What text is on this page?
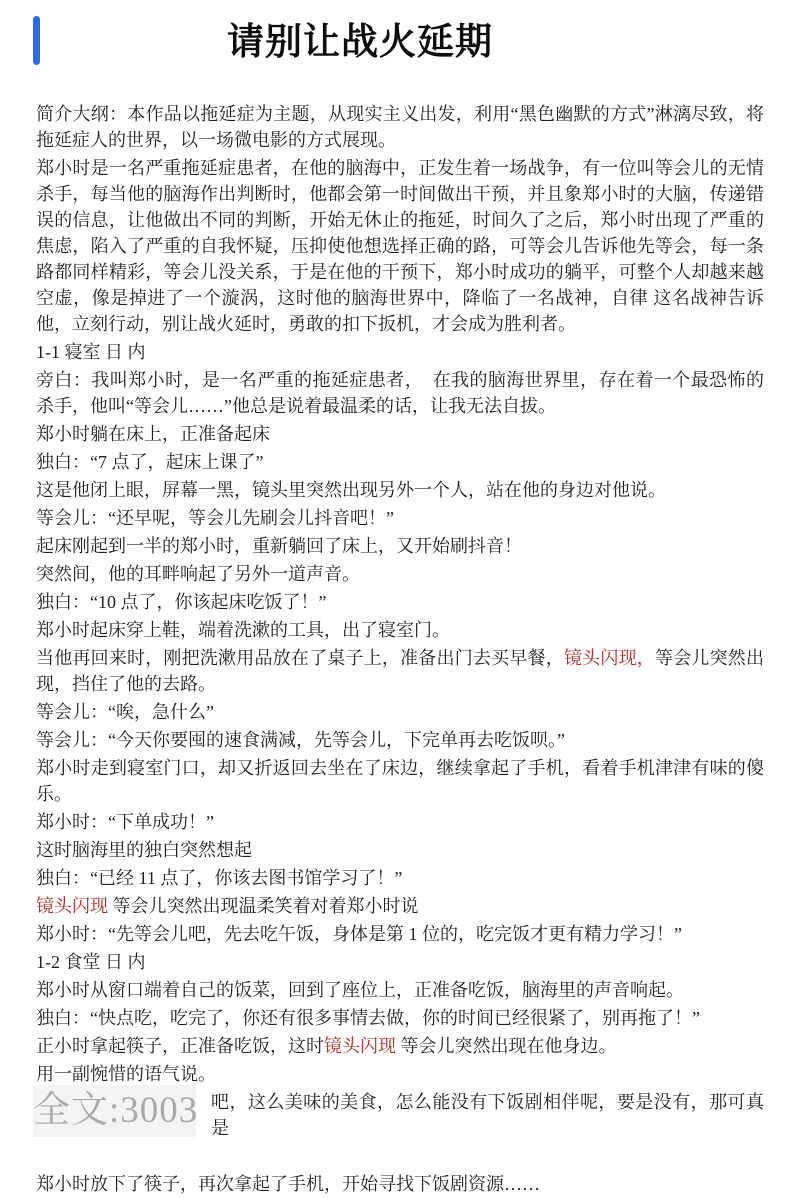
请别让战火延期

简介大纲：本作品以拖延症为主题，从现实主义出发，利用“黑色幽默的方式”淋漓尽致，将拖延症人的世界，以一场微电影的方式展现。

郑小时是一名严重拖延症患者，在他的脑海中，正发生着一场战争，有一位叫等会儿的无情杀手，每当他的脑海作出判断时，他都会第一时间做出干预，并且象郑小时的大脑，传递错误的信息，让他做出不同的判断，开始无休止的拖延，时间久了之后，郑小时出现了严重的焦虑，陷入了严重的自我怀疑，压抑使他想选择正确的路，可等会儿告诉他先等会，每一条路都同样精彩，等会儿没关系，于是在他的干预下，郑小时成功的躺平，可整个人却越来越空虚，像是掉进了一个漩涡，这时他的脑海世界中，降临了一名战神，自律 这名战神告诉他，立刻行动，别让战火延时，勇敢的扣下扳机，才会成为胜利者。

1-1 寝室 日 内

旁白：我叫郑小时，是一名严重的拖延症患者，　在我的脑海世界里，存在着一个最恐怖的杀手，他叫“等会儿……”他总是说着最温柔的话，让我无法自拔。

郑小时躺在床上，正准备起床

独白：“7 点了，起床上课了”

这是他闭上眼，屏幕一黑，镜头里突然出现另外一个人，站在他的身边对他说。

等会儿：“还早呢，等会儿先刷会儿抖音吧！”

起床刚起到一半的郑小时，重新躺回了床上，又开始刷抖音！

突然间，他的耳畔响起了另外一道声音。

独白：“10 点了，你该起床吃饭了！”

郑小时起床穿上鞋，端着洗漱的工具，出了寝室门。

当他再回来时，刚把洗漱用品放在了桌子上，准备出门去买早餐，镜头闪现，等会儿突然出现，挡住了他的去路。

等会儿：“唉，急什么”

等会儿：“今天你要囤的速食满减，先等会儿，下完单再去吃饭呗。”

郑小时走到寝室门口，却又折返回去坐在了床边，继续拿起了手机，看着手机津津有味的傻乐。

郑小时：“下单成功！”

这时脑海里的独白突然想起

独白：“已经 11 点了，你该去图书馆学习了！”

镜头闪现 等会儿突然出现温柔笑着对着郑小时说

郑小时：“先等会儿吧，先去吃午饭，身体是第 1 位的，吃完饭才更有精力学习！”

1-2 食堂 日 内

郑小时从窗口端着自己的饭菜，回到了座位上，正准备吃饭，脑海里的声音响起。

独白：“快点吃，吃完了，你还有很多事情去做，你的时间已经很紧了，别再拖了！”

正小时拿起筷子，正准备吃饭，这时镜头闪现 等会儿突然出现在他身边。

用一副惋惜的语气说。

全文:3003 吧，这么美味的美食，怎么能没有下饭剧相伴呢，要是没有，那可真是

郑小时放下了筷子，再次拿起了手机，开始寻找下饭剧资源……
